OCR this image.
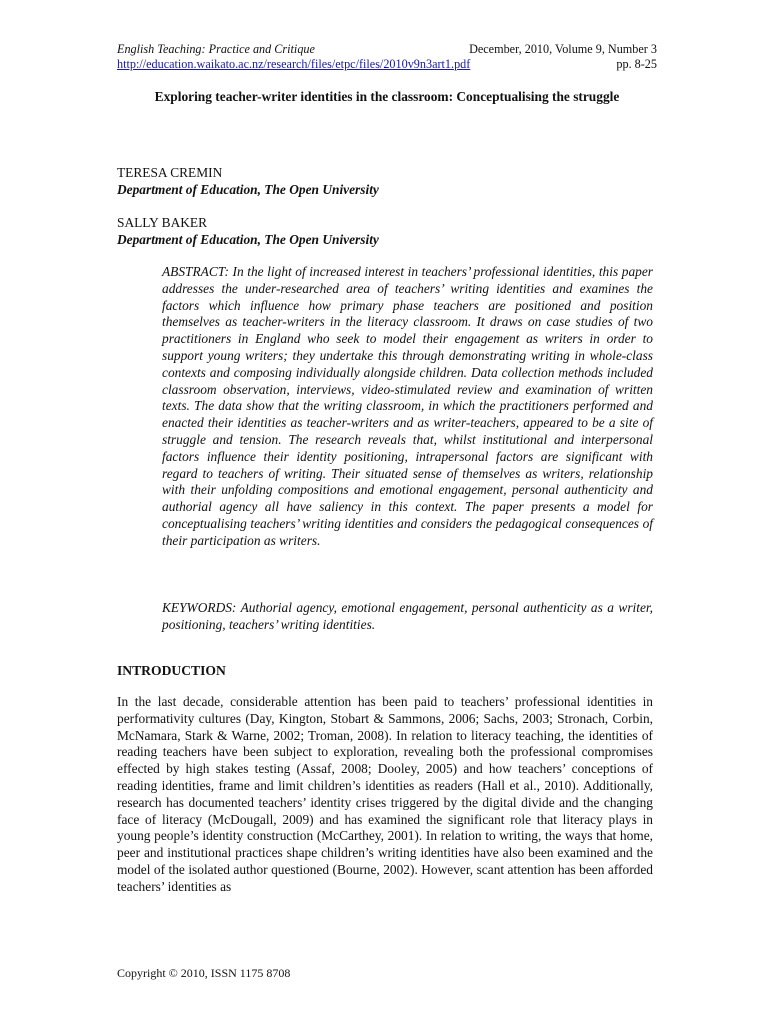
English Teaching: Practice and Critique	December, 2010, Volume 9, Number 3
http://education.waikato.ac.nz/research/files/etpc/files/2010v9n3art1.pdf	pp. 8-25
Exploring teacher-writer identities in the classroom: Conceptualising the struggle
TERESA CREMIN
Department of Education, The Open University
SALLY BAKER
Department of Education, The Open University
ABSTRACT: In the light of increased interest in teachers’ professional identities, this paper addresses the under-researched area of teachers’ writing identities and examines the factors which influence how primary phase teachers are positioned and position themselves as teacher-writers in the literacy classroom. It draws on case studies of two practitioners in England who seek to model their engagement as writers in order to support young writers; they undertake this through demonstrating writing in whole-class contexts and composing individually alongside children. Data collection methods included classroom observation, interviews, video-stimulated review and examination of written texts. The data show that the writing classroom, in which the practitioners performed and enacted their identities as teacher-writers and as writer-teachers, appeared to be a site of struggle and tension. The research reveals that, whilst institutional and interpersonal factors influence their identity positioning, intrapersonal factors are significant with regard to teachers of writing. Their situated sense of themselves as writers, relationship with their unfolding compositions and emotional engagement, personal authenticity and authorial agency all have saliency in this context. The paper presents a model for conceptualising teachers’ writing identities and considers the pedagogical consequences of their participation as writers.
KEYWORDS: Authorial agency, emotional engagement, personal authenticity as a writer, positioning, teachers’ writing identities.
INTRODUCTION
In the last decade, considerable attention has been paid to teachers’ professional identities in performativity cultures (Day, Kington, Stobart & Sammons, 2006; Sachs, 2003; Stronach, Corbin, McNamara, Stark & Warne, 2002; Troman, 2008). In relation to literacy teaching, the identities of reading teachers have been subject to exploration, revealing both the professional compromises effected by high stakes testing (Assaf, 2008; Dooley, 2005) and how teachers’ conceptions of reading identities, frame and limit children’s identities as readers (Hall et al., 2010). Additionally, research has documented teachers’ identity crises triggered by the digital divide and the changing face of literacy (McDougall, 2009) and has examined the significant role that literacy plays in young people’s identity construction (McCarthey, 2001). In relation to writing, the ways that home, peer and institutional practices shape children’s writing identities have also been examined and the model of the isolated author questioned (Bourne, 2002). However, scant attention has been afforded teachers’ identities as
Copyright © 2010, ISSN 1175 8708
